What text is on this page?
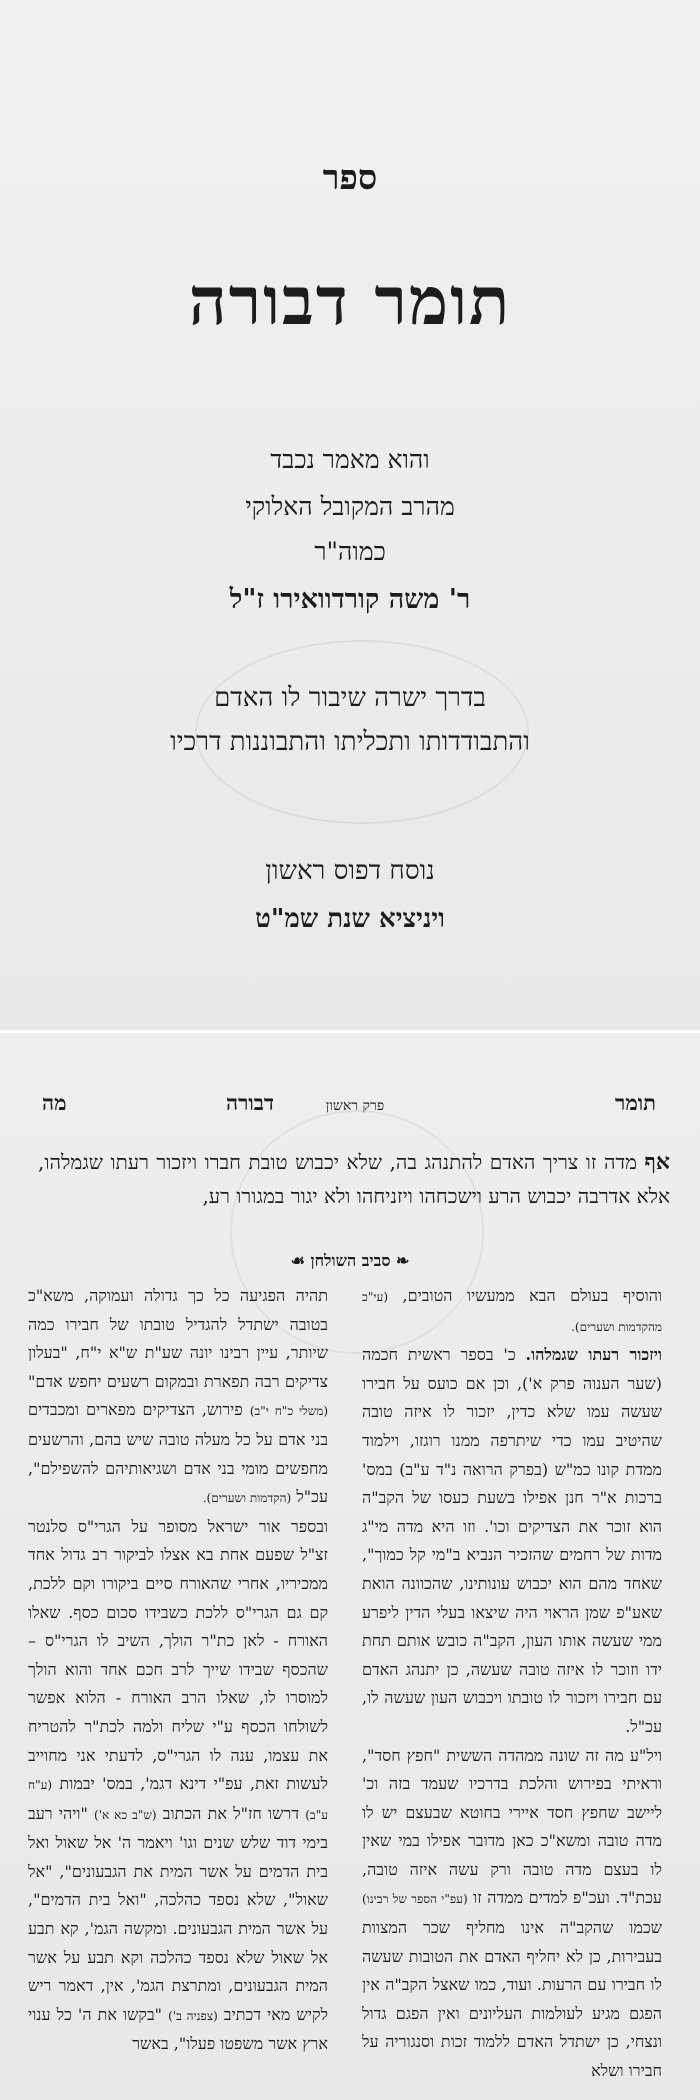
ספר
תומר דבורה
והוא מאמר נכבד
מהרב המקובל האלוקי
כמוה"ר
ר' משה קורדוואירו ז"ל
בדרך ישרה שיבור לו האדם
והתבודדותו ותכליתו והתבוננות דרכיו
נוסח דפוס ראשון
ויניציא שנת שמ"ט
תומר
פרק ראשון
דבורה
מה
אף מדה זו צריך האדם להתנהג בה, שלא יכבוש טובת חברו ויזכור רעתו שגמלהו, אלא אדרבה יכבוש הרע וישכחהו ויזניחהו ולא יגור במגורו רע,
❧ סביב השולחן ☙

והוסיף בעולם הבא ממעשיו הטובים, (עי"כ מהקדמות ושערים).

ויזכור רעתו שגמלהו. כ' בספר ראשית חכמה (שער הענוה פרק א'), וכן אם כועס על חבירו שעשה עמו שלא כדין, יזכור לו איזה טובה שהיטיב עמו כדי שיתרפה ממנו רוגזו, וילמוד ממדת קונו כמ"ש (בפרק הרואה נ"ד ע"ב) במס' ברכות א"ר חנן אפילו בשעת כעסו של הקב"ה הוא זוכר את הצדיקים וכו'. וזו היא מדה מי"ג מדות של רחמים שהזכיר הנביא ב"מי קל כמוך", שאחד מהם הוא יכבוש עונותינו, שהכוונה הואת שאע"פ שמן הראוי היה שיצאו בעלי הדין ליפרע ממי שעשה אותו העון, הקב"ה כובש אותם תחת ידו וזוכר לו איזה טובה שעשה, כן יתנהג האדם עם חבירו ויזכור לו טובתו ויכבוש העון שעשה לו, עכ"ל.

ויל"ע מה זה שונה ממהדה הששית "חפץ חסד", וראיתי בפירוש והלכת בדרכיו שעמד בזה וכ' ליישב שחפץ חסד איירי בחוטא שבעצם יש לו מדה טובה ומשא"כ כאן מדובר אפילו במי שאין לו בעצם מדה טובה ורק עשה איזה טובה, עכת"ד. ועכ"פ למדים ממדה זו (עפ"י הספר של רבינו) שכמו שהקב"ה אינו מחליף שכר המצוות בעבירות, כן לא יחליף האדם את הטובות שעשה לו חבירו עם הרעות. ועוד, כמו שאצל הקב"ה אין הפגם מגיע לעולמות העליונים ואין הפגם גדול ונצחי, כן ישתדל האדם ללמוד זכות וסנגוריה על חבירו ושלא

תהיה הפגיעה כל כך גדולה ועמוקה, משא"כ בטובה ישתדל להגדיל טובתו של חבירו כמה שיותר, עיין רבינו יונה שע"ת ש"א י"ח, "בעלון צדיקים רבה תפארת ובמקום רשעים יחפש אדם" (משלי כ"ח י"ב) פירוש, הצדיקים מפארים ומכבדים בני אדם על כל מעלה טובה שיש בהם, והרשעים מחפשים מומי בני אדם ושגיאותיהם להשפילם", עכ"ל (הקדמות ושערים).

ובספר אור ישראל מסופר על הגרי"ס סלנטר זצ"ל שפעם אחת בא אצלו לביקור רב גדול אחד ממכיריו, אחרי שהאורח סיים ביקורו וקם ללכת, קם גם הגרי"ס ללכת כשבידו סכום כסף. שאלו האורח - לאן כת"ר הולך, השיב לו הגרי"ס – שהכסף שבידו שייך לרב חכם אחד והוא הולך למוסרו לו, שאלו הרב האורח - הלוא אפשר לשולחו הכסף ע"י שליח ולמה לכת"ר להטריח את עצמו, ענה לו הגרי"ס, לדעתי אני מחוייב לעשות זאת, עפ"י דינא דגמ', במס' יבמות (ע"ח ע"ב) דרשו חז"ל את הכתוב (ש"ב כא א') "ויהי רעב בימי דוד שלש שנים וגו' ויאמר ה' אל שאול ואל בית הדמים על אשר המית את הגבעונים", "אל שאול", שלא נספד כהלכה, "ואל בית הדמים", על אשר המית הגבעונים. ומקשה הגמ', קא תבע אל שאול שלא נספד כהלכה וקא תבע על אשר המית הגבעונים, ומתרצת הגמ', אין, דאמר ריש לקיש מאי דכתיב (צפניה ב') "בקשו את ה' כל ענוי ארץ אשר משפטו פעלו", באשר
